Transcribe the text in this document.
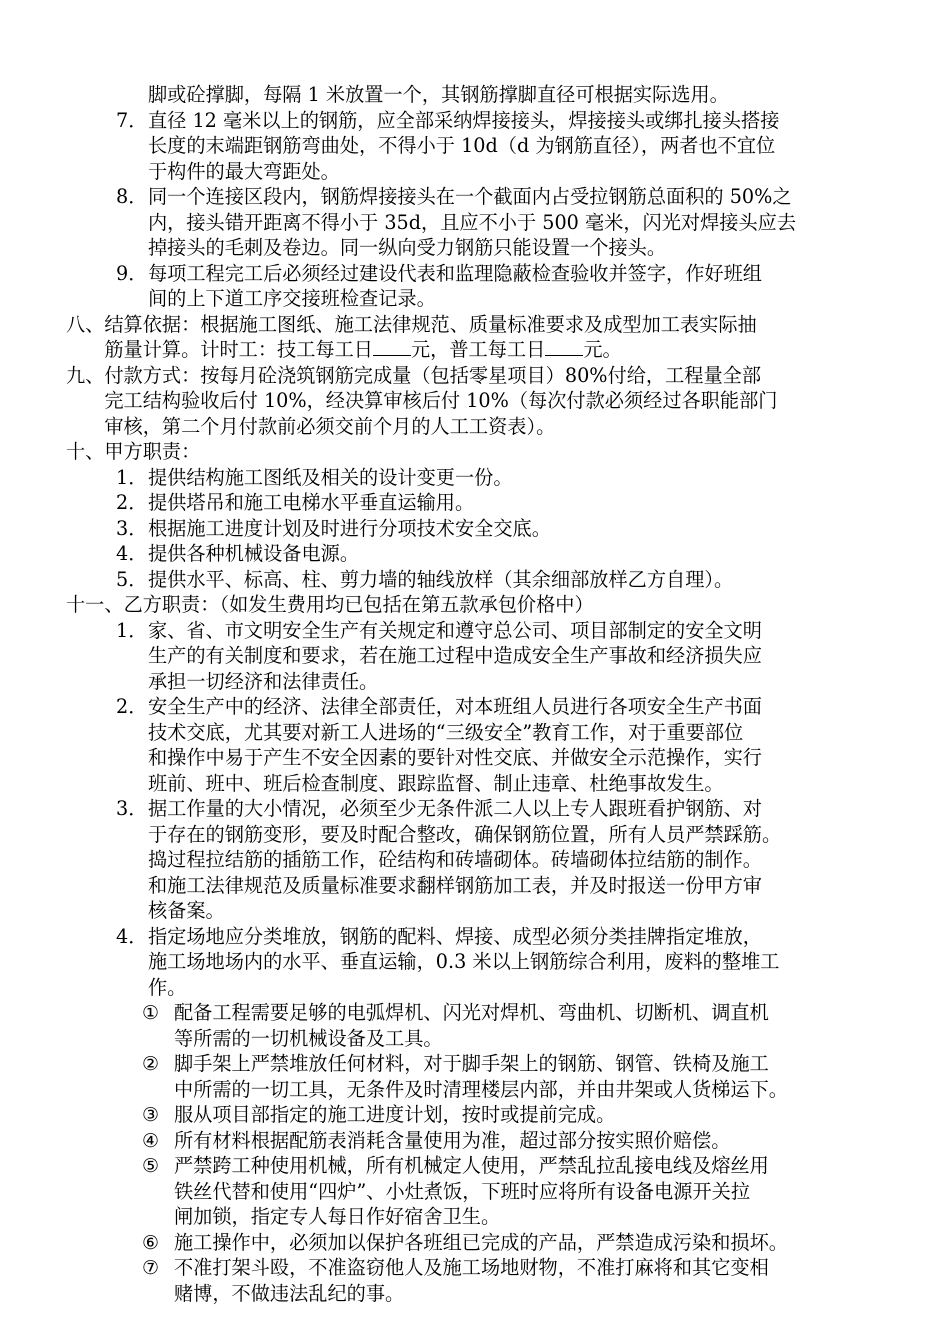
脚或砼撑脚，每隔 1 米放置一个，其钢筋撑脚直径可根据实际选用。
7． 直径 12 毫米以上的钢筋，应全部采纳焊接接头，焊接接头或绑扎接头搭接
长度的末端距钢筋弯曲处，不得小于 10d（d 为钢筋直径），两者也不宜位
于构件的最大弯距处。
8． 同一个连接区段内，钢筋焊接接头在一个截面内占受拉钢筋总面积的 50%之
内，接头错开距离不得小于 35d，且应不小于 500 毫米，闪光对焊接头应去
掉接头的毛刺及卷边。同一纵向受力钢筋只能设置一个接头。
9． 每项工程完工后必须经过建设代表和监理隐蔽检查验收并签字，作好班组
间的上下道工序交接班检查记录。
八、 结算依据：根据施工图纸、施工法律规范、质量标准要求及成型加工表实际抽
筋量计算。计时工：技工每工日 元，普工每工日 元。
九、 付款方式：按每月砼浇筑钢筋完成量（包括零星项目）80%付给，工程量全部
完工结构验收后付 10%，经决算审核后付 10%（每次付款必须经过各职能部门
审核，第二个月付款前必须交前个月的人工工资表）。
十、 甲方职责：
1． 提供结构施工图纸及相关的设计变更一份。
2． 提供塔吊和施工电梯水平垂直运输用。
3． 根据施工进度计划及时进行分项技术安全交底。
4． 提供各种机械设备电源。
5． 提供水平、标高、柱、剪力墙的轴线放样（其余细部放样乙方自理）。
十一、 乙方职责：（如发生费用均已包括在第五款承包价格中）
1． 家、省、市文明安全生产有关规定和遵守总公司、项目部制定的安全文明
生产的有关制度和要求，若在施工过程中造成安全生产事故和经济损失应
承担一切经济和法律责任。
2． 安全生产中的经济、法律全部责任，对本班组人员进行各项安全生产书面
技术交底，尤其要对新工人进场的“三级安全”教育工作，对于重要部位
和操作中易于产生不安全因素的要针对性交底、并做安全示范操作，实行
班前、班中、班后检查制度、跟踪监督、制止违章、杜绝事故发生。
3． 据工作量的大小情况，必须至少无条件派二人以上专人跟班看护钢筋、对
于存在的钢筋变形，要及时配合整改，确保钢筋位置，所有人员严禁踩筋。
捣过程拉结筋的插筋工作，砼结构和砖墙砌体。砖墙砌体拉结筋的制作。
和施工法律规范及质量标准要求翻样钢筋加工表，并及时报送一份甲方审
核备案。
4． 指定场地应分类堆放，钢筋的配料、焊接、成型必须分类挂牌指定堆放，
施工场地场内的水平、垂直运输，0.3 米以上钢筋综合利用，废料的整堆工
作。
① 配备工程需要足够的电弧焊机、闪光对焊机、弯曲机、切断机、调直机
等所需的一切机械设备及工具。
② 脚手架上严禁堆放任何材料，对于脚手架上的钢筋、钢管、铁椅及施工
中所需的一切工具，无条件及时清理楼层内部，并由井架或人货梯运下。
③ 服从项目部指定的施工进度计划，按时或提前完成。
④ 所有材料根据配筋表消耗含量使用为准，超过部分按实照价赔偿。
⑤ 严禁跨工种使用机械，所有机械定人使用，严禁乱拉乱接电线及熔丝用
铁丝代替和使用“四炉”、小灶煮饭，下班时应将所有设备电源开关拉
闸加锁，指定专人每日作好宿舍卫生。
⑥ 施工操作中，必须加以保护各班组已完成的产品，严禁造成污染和损坏。
⑦ 不准打架斗殴，不准盗窃他人及施工场地财物，不准打麻将和其它变相
赌博，不做违法乱纪的事。
